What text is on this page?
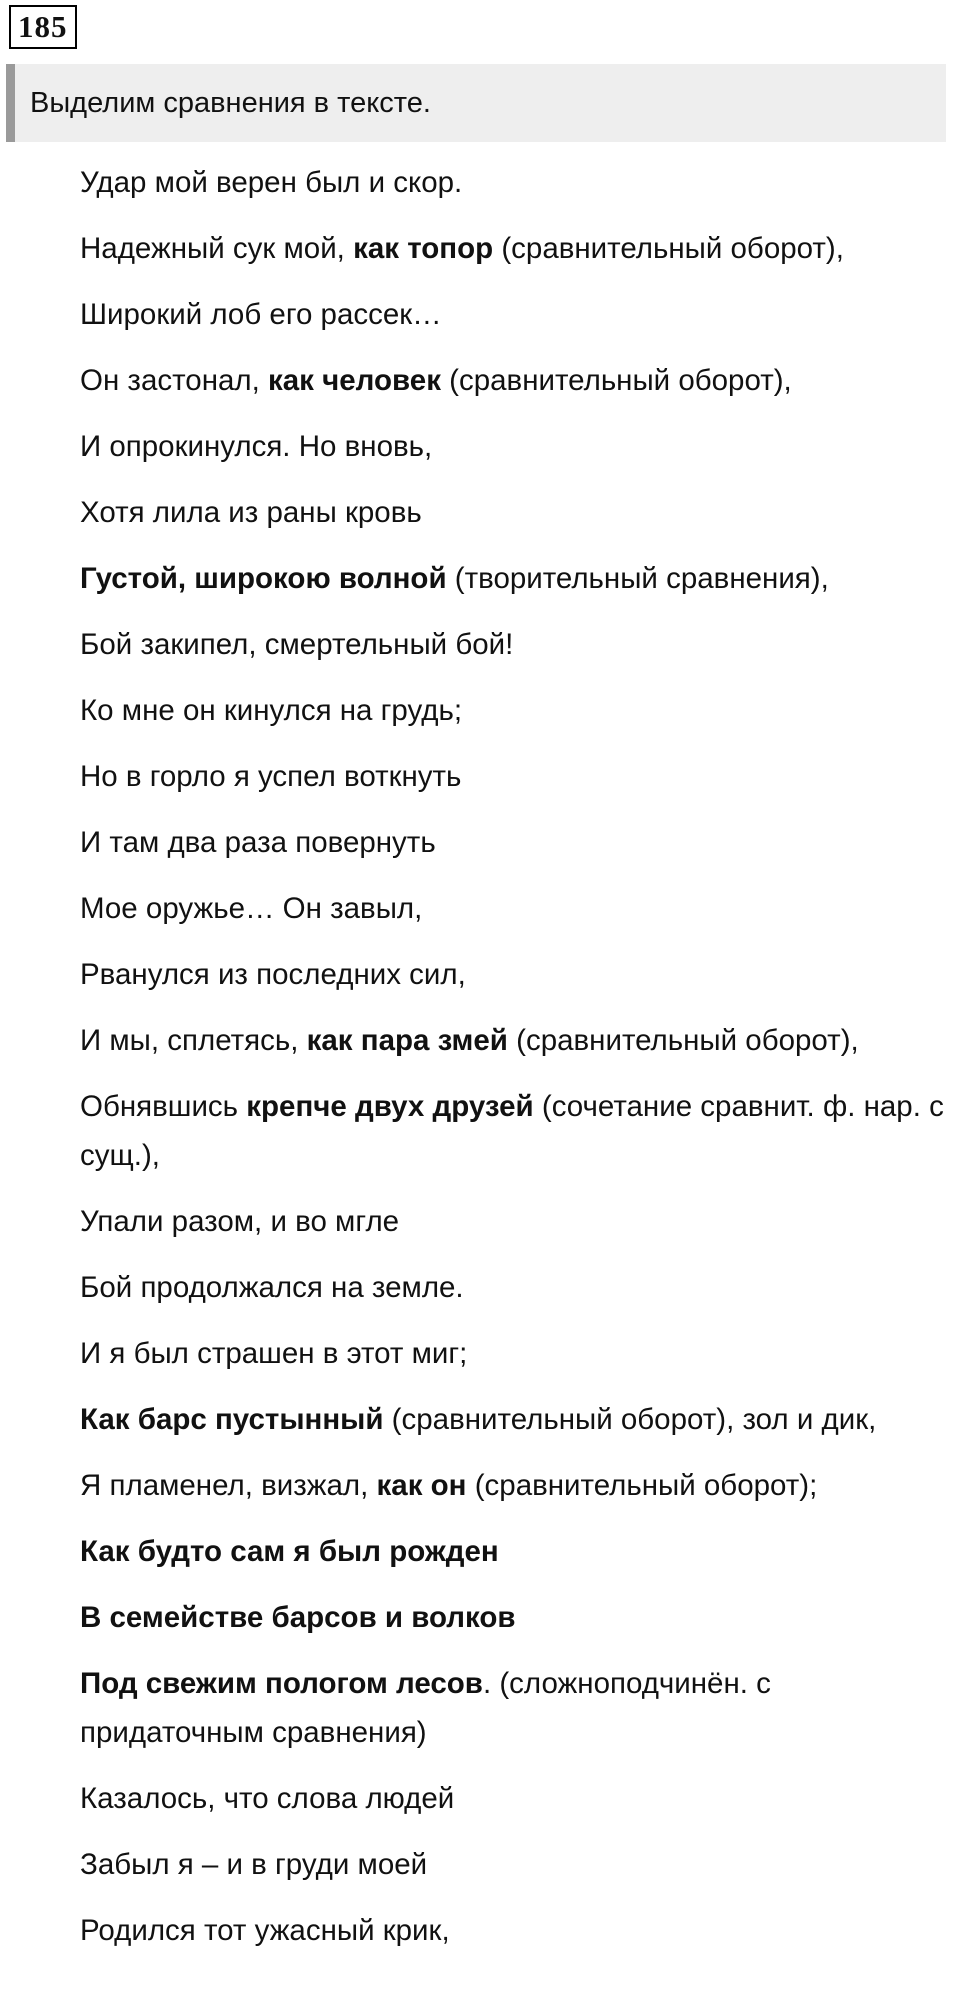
185
Выделим сравнения в тексте.
Удар мой верен был и скор.
Надежный сук мой, как топор (сравнительный оборот),
Широкий лоб его рассек…
Он застонал, как человек (сравнительный оборот),
И опрокинулся. Но вновь,
Хотя лила из раны кровь
Густой, широкою волной (творительный сравнения),
Бой закипел, смертельный бой!
Ко мне он кинулся на грудь;
Но в горло я успел воткнуть
И там два раза повернуть
Мое оружье… Он завыл,
Рванулся из последних сил,
И мы, сплетясь, как пара змей (сравнительный оборот),
Обнявшись крепче двух друзей (сочетание сравнит. ф. нар. с сущ.),
Упали разом, и во мгле
Бой продолжался на земле.
И я был страшен в этот миг;
Как барс пустынный (сравнительный оборот), зол и дик,
Я пламенел, визжал, как он (сравнительный оборот);
Как будто сам я был рожден
В семействе барсов и волков
Под свежим пологом лесов. (сложноподчинён. с придаточным сравнения)
Казалось, что слова людей
Забыл я – и в груди моей
Родился тот ужасный крик,
